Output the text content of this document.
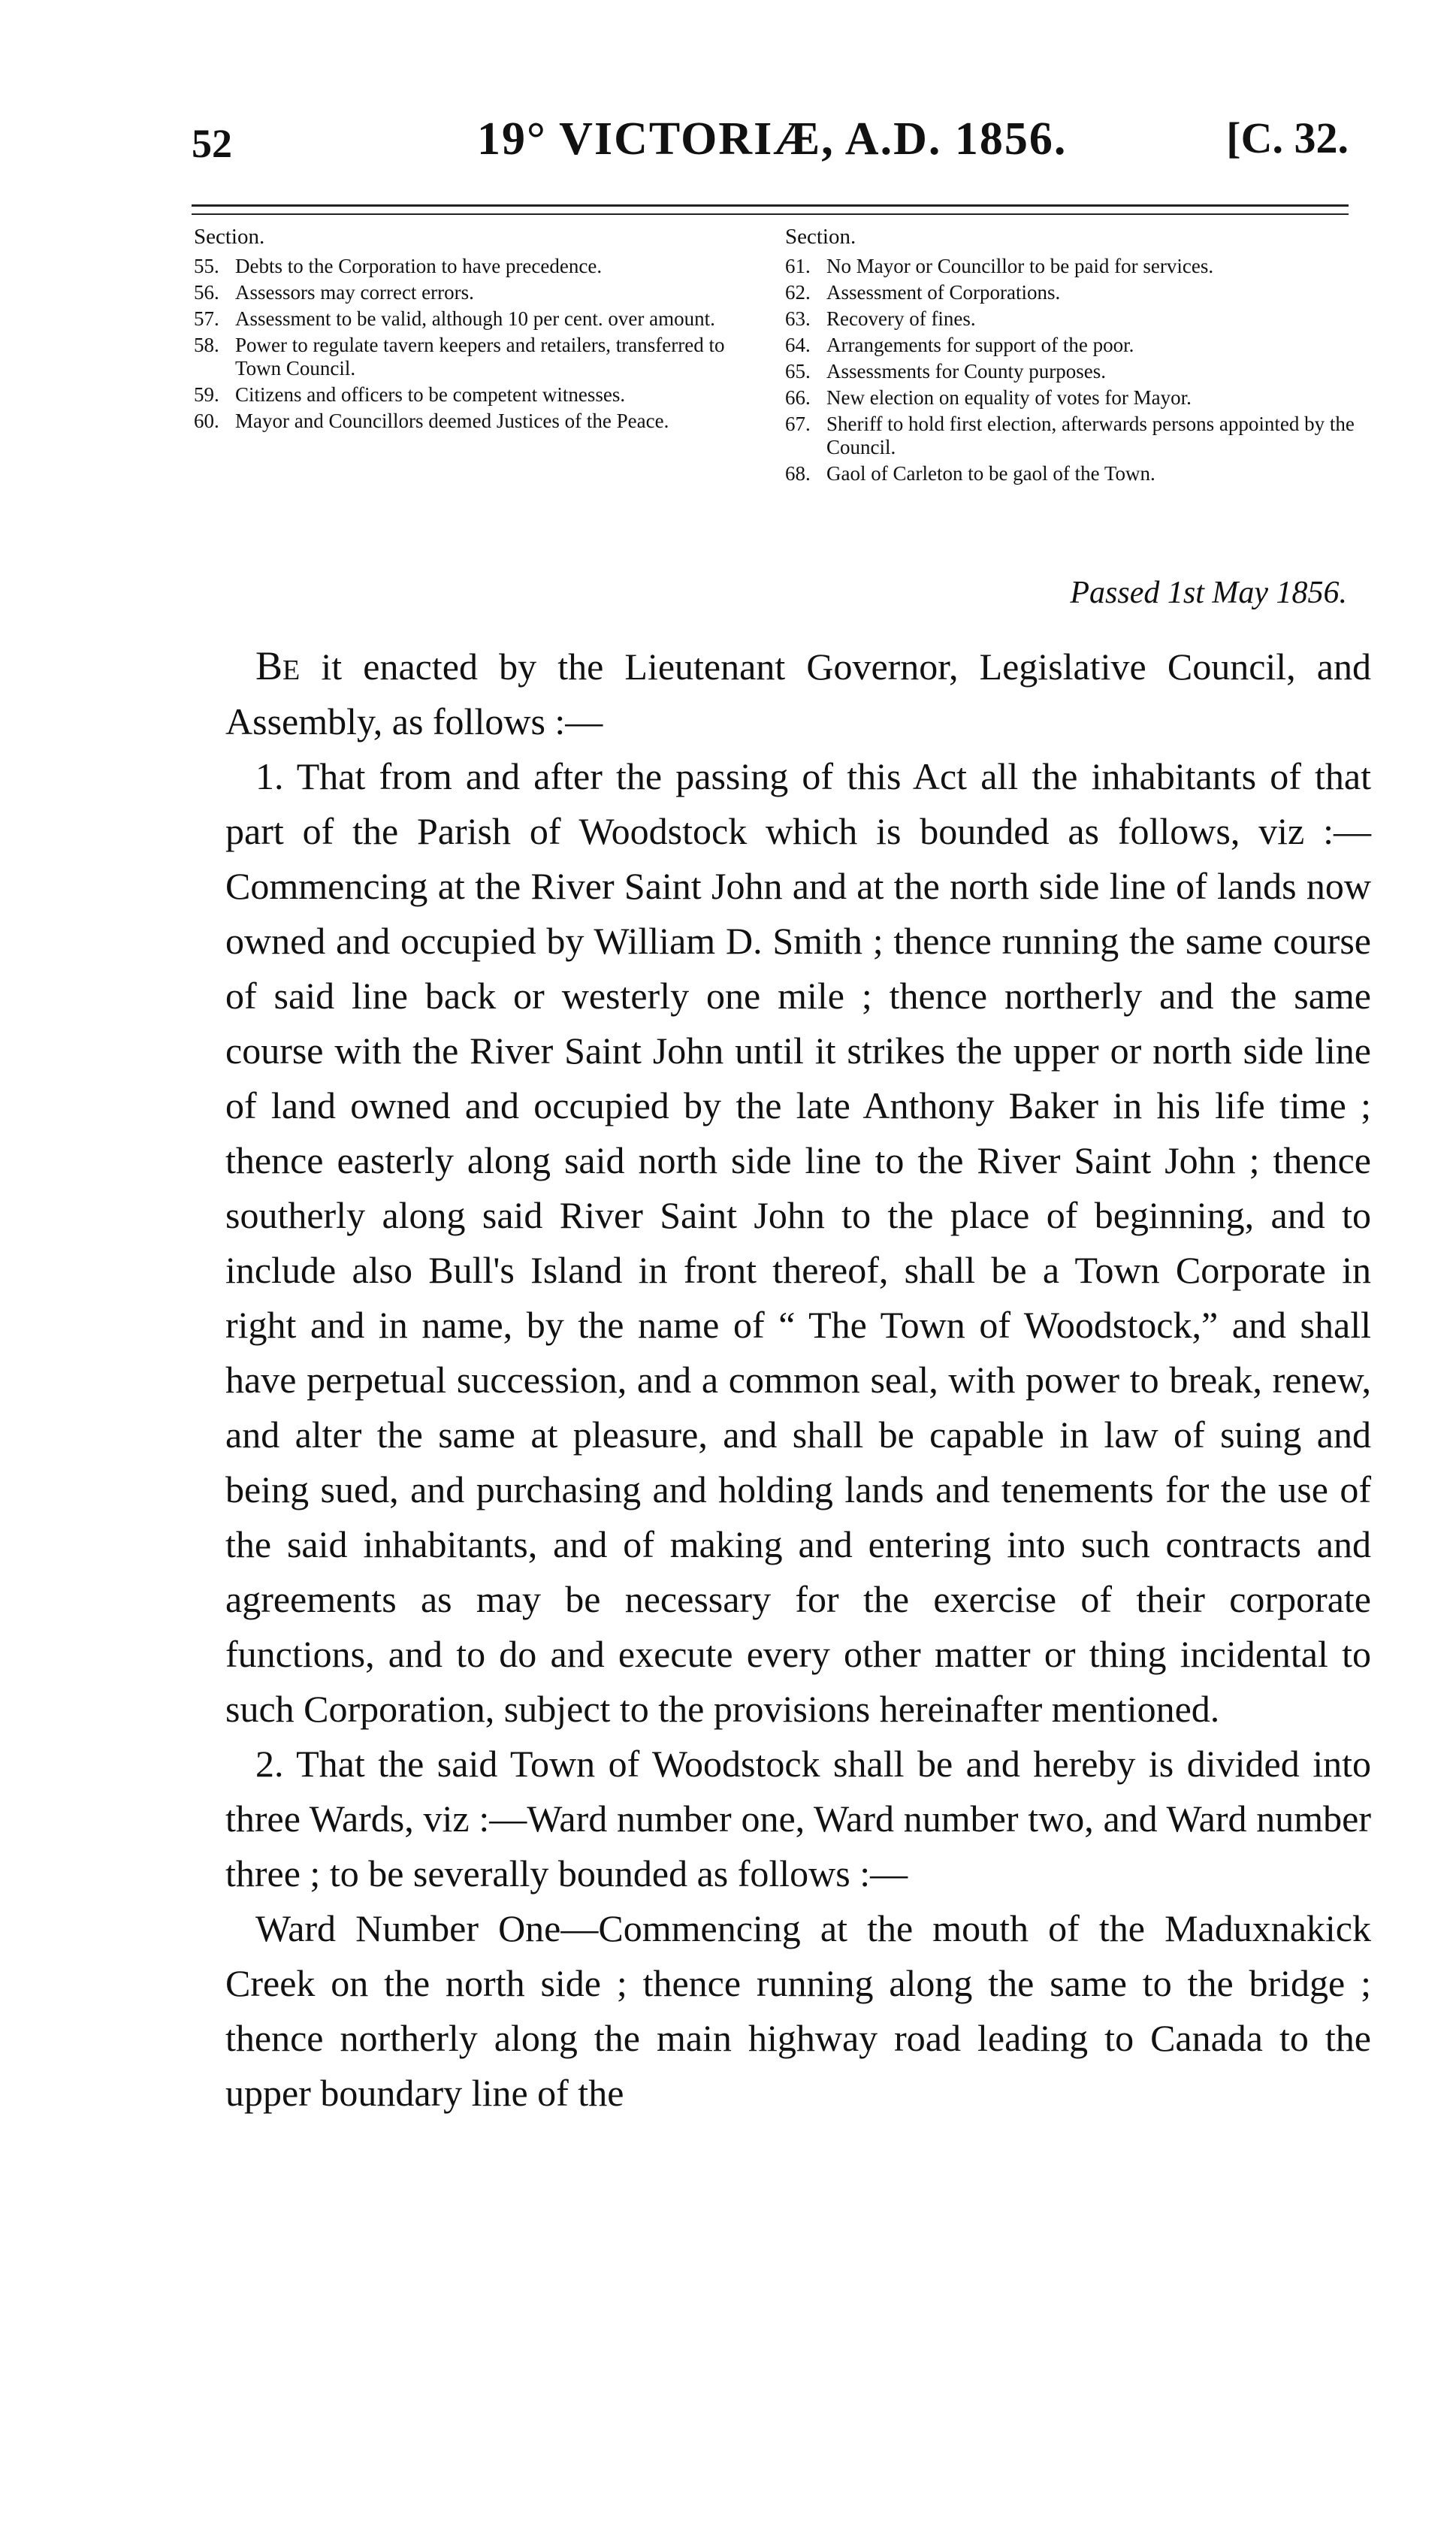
52	19° VICTORIÆ, A.D. 1856.	[C. 32.
Section.
55. Debts to the Corporation to have precedence.
56. Assessors may correct errors.
57. Assessment to be valid, although 10 per cent. over amount.
58. Power to regulate tavern keepers and retailers, transferred to Town Council.
59. Citizens and officers to be competent witnesses.
60. Mayor and Councillors deemed Justices of the Peace.
Section.
61. No Mayor or Councillor to be paid for services.
62. Assessment of Corporations.
63. Recovery of fines.
64. Arrangements for support of the poor.
65. Assessments for County purposes.
66. New election on equality of votes for Mayor.
67. Sheriff to hold first election, afterwards persons appointed by the Council.
68. Gaol of Carleton to be gaol of the Town.
Passed 1st May 1856.

Be it enacted by the Lieutenant Governor, Legislative Council, and Assembly, as follows :—

1. That from and after the passing of this Act all the inhabitants of that part of the Parish of Woodstock which is bounded as follows, viz :—Commencing at the River Saint John and at the north side line of lands now owned and occupied by William D. Smith ; thence running the same course of said line back or westerly one mile ; thence northerly and the same course with the River Saint John until it strikes the upper or north side line of land owned and occupied by the late Anthony Baker in his life time ; thence easterly along said north side line to the River Saint John ; thence southerly along said River Saint John to the place of beginning, and to include also Bull's Island in front thereof, shall be a Town Corporate in right and in name, by the name of “ The Town of Woodstock,” and shall have perpetual succession, and a common seal, with power to break, renew, and alter the same at pleasure, and shall be capable in law of suing and being sued, and purchasing and holding lands and tenements for the use of the said inhabitants, and of making and entering into such contracts and agreements as may be necessary for the exercise of their corporate functions, and to do and execute every other matter or thing incidental to such Corporation, subject to the provisions hereinafter mentioned.

2. That the said Town of Woodstock shall be and hereby is divided into three Wards, viz :—Ward number one, Ward number two, and Ward number three ; to be severally bounded as follows :—

Ward Number One—Commencing at the mouth of the Maduxnakick Creek on the north side ; thence running along the same to the bridge ; thence northerly along the main highway road leading to Canada to the upper boundary line of the
